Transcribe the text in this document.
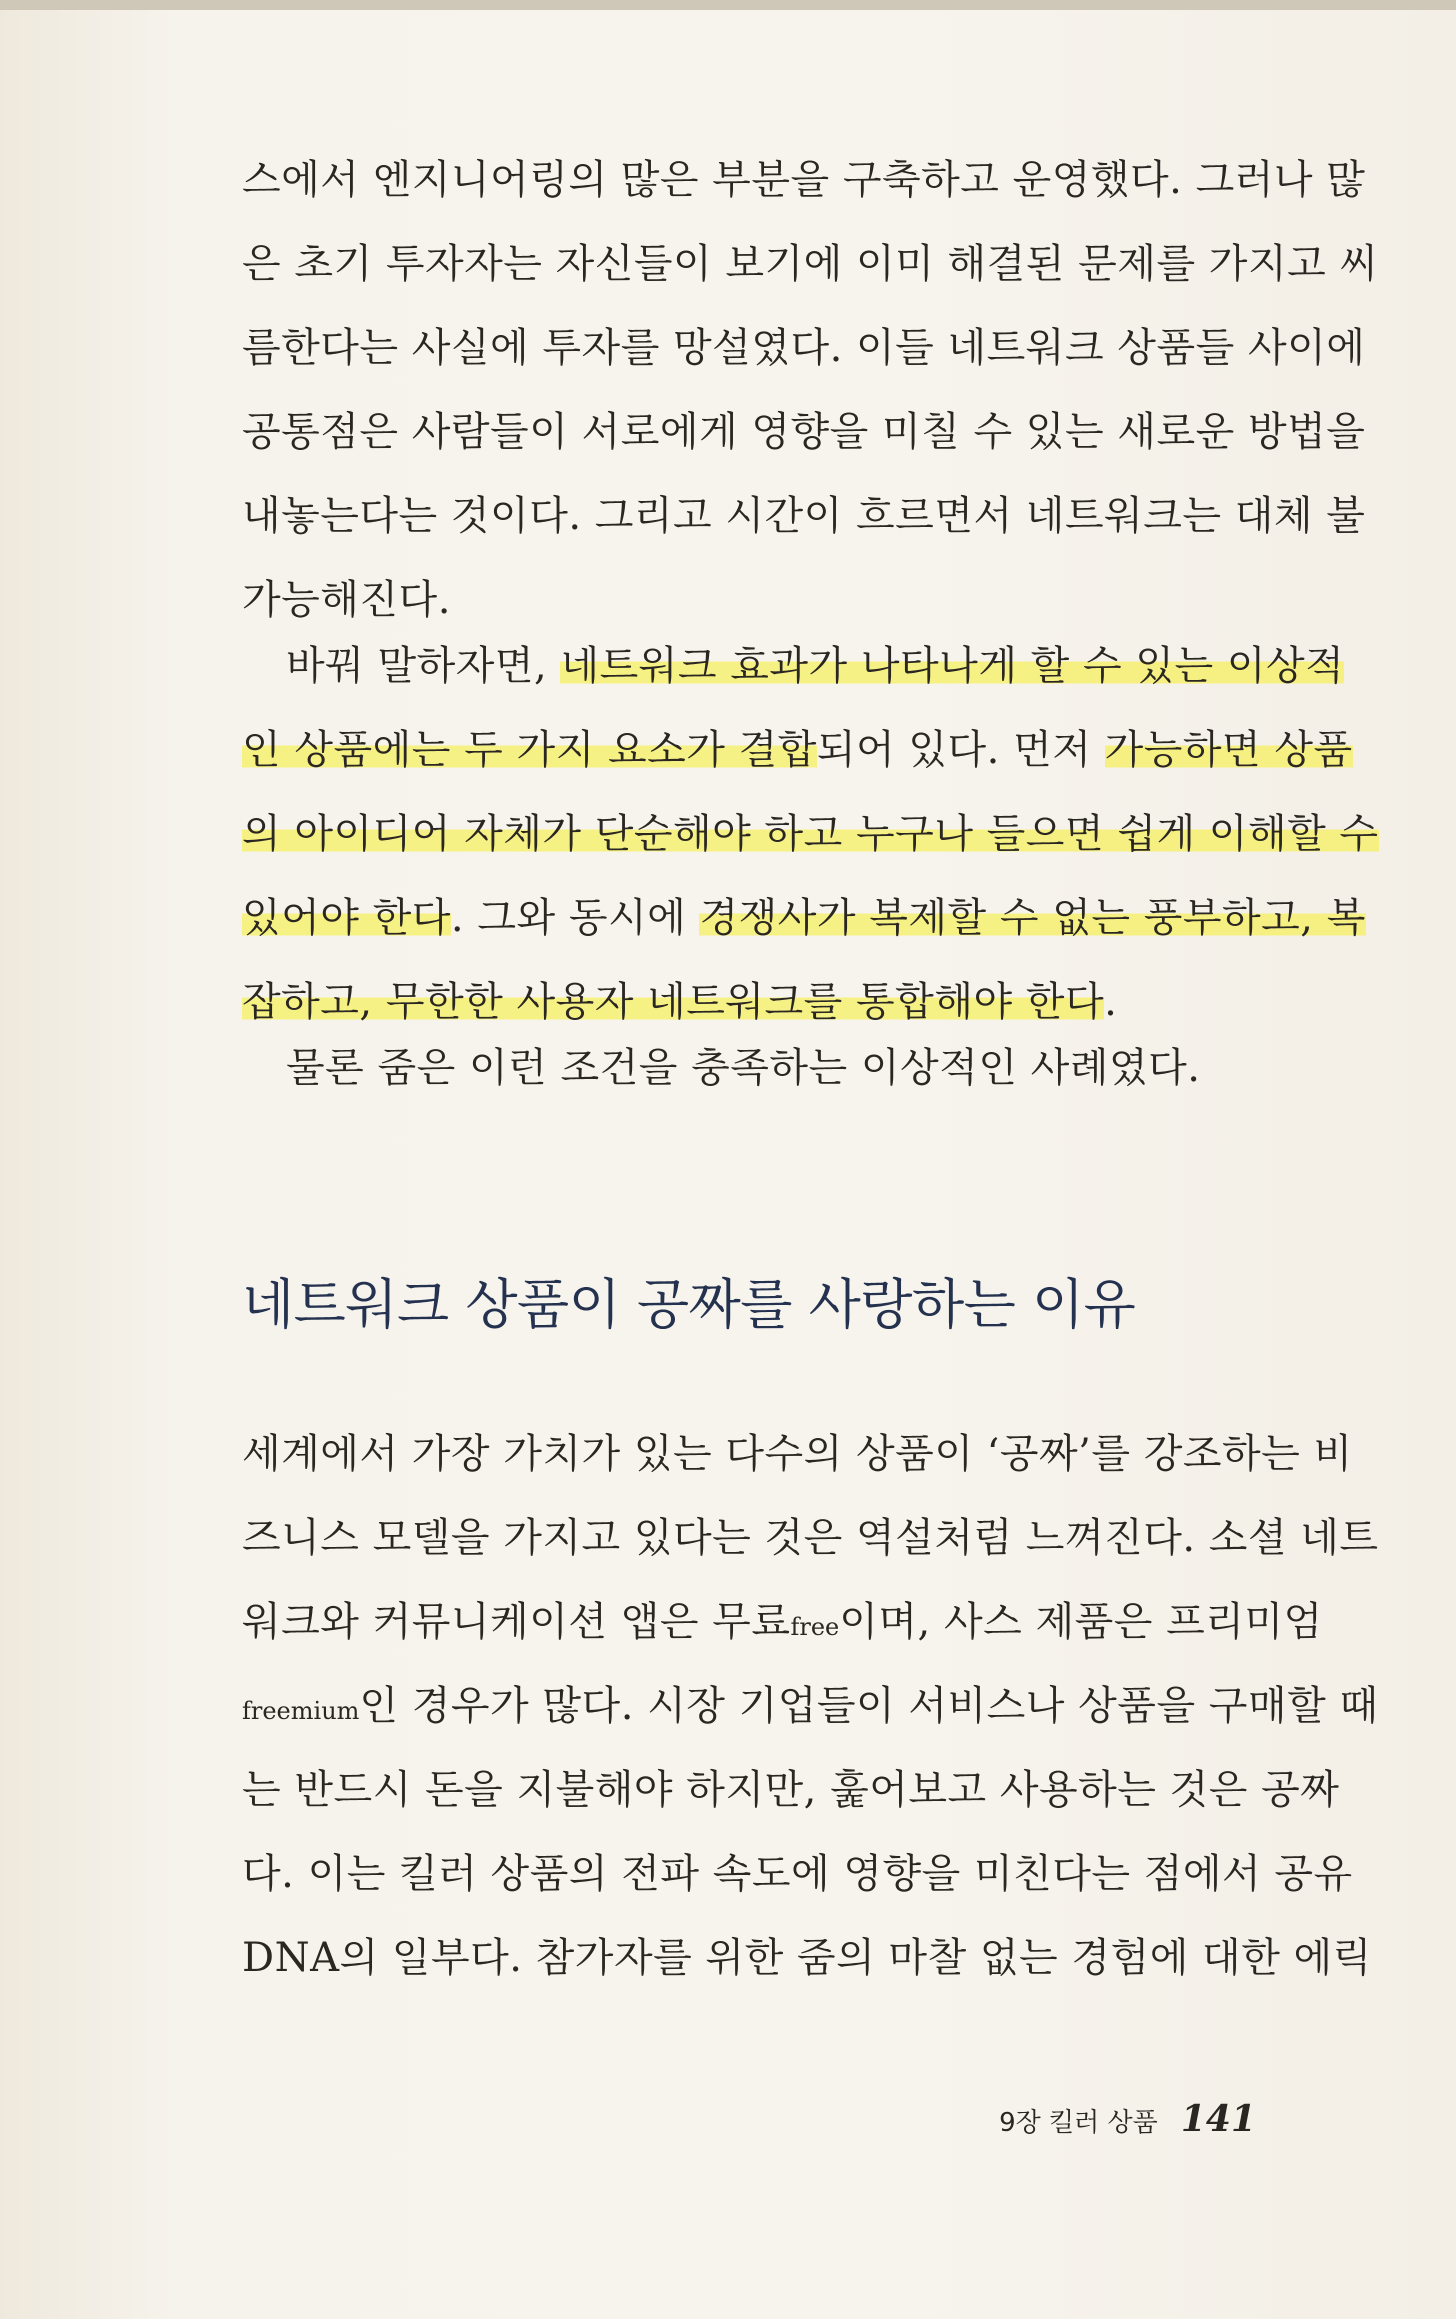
스에서 엔지니어링의 많은 부분을 구축하고 운영했다. 그러나 많
은 초기 투자자는 자신들이 보기에 이미 해결된 문제를 가지고 씨
름한다는 사실에 투자를 망설였다. 이들 네트워크 상품들 사이에
공통점은 사람들이 서로에게 영향을 미칠 수 있는 새로운 방법을
내놓는다는 것이다. 그리고 시간이 흐르면서 네트워크는 대체 불
가능해진다.
바꿔 말하자면, 네트워크 효과가 나타나게 할 수 있는 이상적
인 상품에는 두 가지 요소가 결합되어 있다. 먼저 가능하면 상품
의 아이디어 자체가 단순해야 하고 누구나 들으면 쉽게 이해할 수
있어야 한다. 그와 동시에 경쟁사가 복제할 수 없는 풍부하고, 복
잡하고, 무한한 사용자 네트워크를 통합해야 한다.
물론 줌은 이런 조건을 충족하는 이상적인 사례였다.
네트워크 상품이 공짜를 사랑하는 이유
세계에서 가장 가치가 있는 다수의 상품이 ‘공짜’를 강조하는 비
즈니스 모델을 가지고 있다는 것은 역설처럼 느껴진다. 소셜 네트
워크와 커뮤니케이션 앱은 무료free이며, 사스 제품은 프리미엄
freemium인 경우가 많다. 시장 기업들이 서비스나 상품을 구매할 때
는 반드시 돈을 지불해야 하지만, 훑어보고 사용하는 것은 공짜
다. 이는 킬러 상품의 전파 속도에 영향을 미친다는 점에서 공유
DNA의 일부다. 참가자를 위한 줌의 마찰 없는 경험에 대한 에릭
9장 킬러 상품 141
